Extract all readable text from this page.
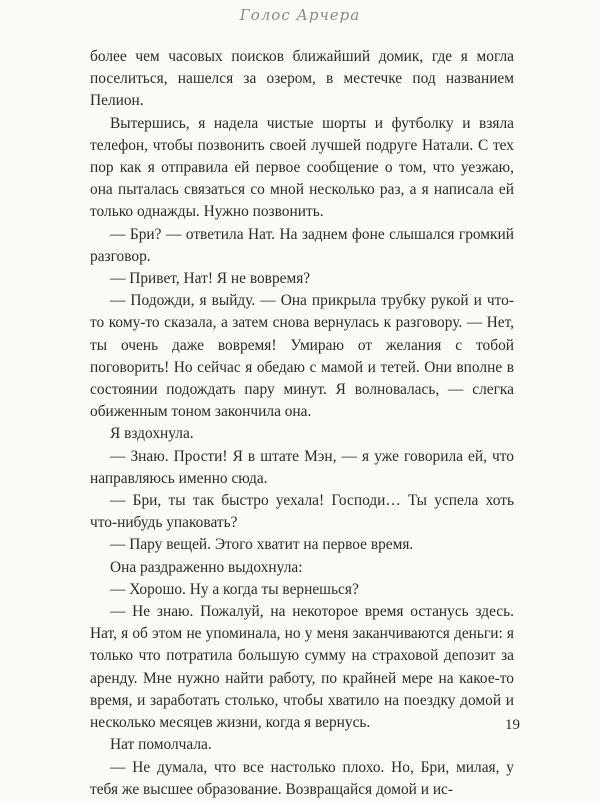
Голос Арчера

более чем часовых поисков ближайший домик, где я могла поселиться, нашелся за озером, в местечке под названием Пелион.

Вытершись, я надела чистые шорты и футболку и взяла телефон, чтобы позвонить своей лучшей подруге Натали. С тех пор как я отправила ей первое сообщение о том, что уезжаю, она пыталась связаться со мной несколько раз, а я написала ей только однажды. Нужно позвонить.

— Бри? — ответила Нат. На заднем фоне слышался громкий разговор.

— Привет, Нат! Я не вовремя?

— Подожди, я выйду. — Она прикрыла трубку рукой и что-то кому-то сказала, а затем снова вернулась к разговору. — Нет, ты очень даже вовремя! Умираю от желания с тобой поговорить! Но сейчас я обедаю с мамой и тетей. Они вполне в состоянии подождать пару минут. Я волновалась, — слегка обиженным тоном закончила она.

Я вздохнула.

— Знаю. Прости! Я в штате Мэн, — я уже говорила ей, что направляюсь именно сюда.

— Бри, ты так быстро уехала! Господи… Ты успела хоть что-нибудь упаковать?

— Пару вещей. Этого хватит на первое время.

Она раздраженно выдохнула:

— Хорошо. Ну а когда ты вернешься?

— Не знаю. Пожалуй, на некоторое время останусь здесь. Нат, я об этом не упоминала, но у меня заканчиваются деньги: я только что потратила большую сумму на страховой депозит за аренду. Мне нужно найти работу, по крайней мере на какое-то время, и заработать столько, чтобы хватило на поездку домой и несколько месяцев жизни, когда я вернусь.

Нат помолчала.

— Не думала, что все настолько плохо. Но, Бри, милая, у тебя же высшее образование. Возвращайся домой и ис-

19
